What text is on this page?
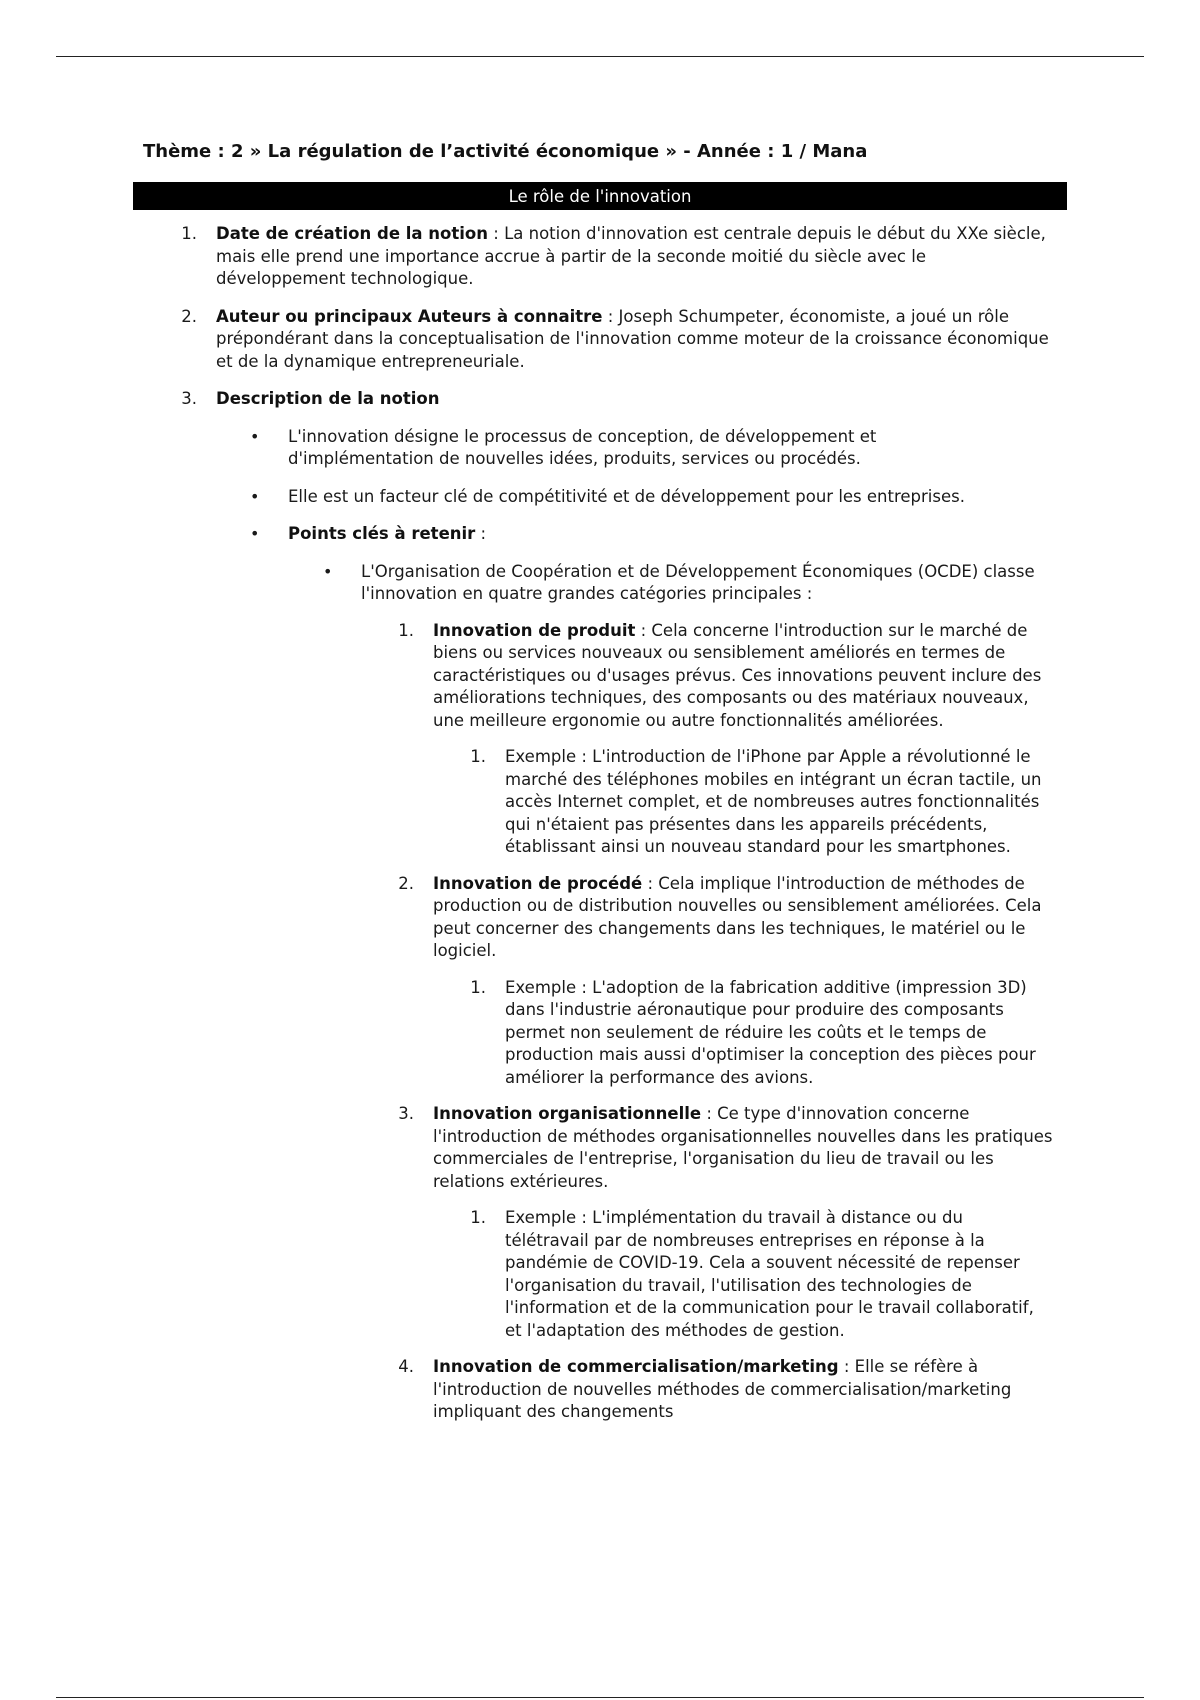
Thème : 2 » La régulation de l’activité économique » - Année : 1 / Mana
Le rôle de l'innovation
1. Date de création de la notion : La notion d'innovation est centrale depuis le début du XXe siècle, mais elle prend une importance accrue à partir de la seconde moitié du siècle avec le développement technologique.
2. Auteur ou principaux Auteurs à connaitre : Joseph Schumpeter, économiste, a joué un rôle prépondérant dans la conceptualisation de l'innovation comme moteur de la croissance économique et de la dynamique entrepreneuriale.
3. Description de la notion
• L'innovation désigne le processus de conception, de développement et d'implémentation de nouvelles idées, produits, services ou procédés.
• Elle est un facteur clé de compétitivité et de développement pour les entreprises.
• Points clés à retenir :
• L'Organisation de Coopération et de Développement Économiques (OCDE) classe l'innovation en quatre grandes catégories principales :
1. Innovation de produit : Cela concerne l'introduction sur le marché de biens ou services nouveaux ou sensiblement améliorés en termes de caractéristiques ou d'usages prévus. Ces innovations peuvent inclure des améliorations techniques, des composants ou des matériaux nouveaux, une meilleure ergonomie ou autre fonctionnalités améliorées.
1. Exemple : L'introduction de l'iPhone par Apple a révolutionné le marché des téléphones mobiles en intégrant un écran tactile, un accès Internet complet, et de nombreuses autres fonctionnalités qui n'étaient pas présentes dans les appareils précédents, établissant ainsi un nouveau standard pour les smartphones.
2. Innovation de procédé : Cela implique l'introduction de méthodes de production ou de distribution nouvelles ou sensiblement améliorées. Cela peut concerner des changements dans les techniques, le matériel ou le logiciel.
1. Exemple : L'adoption de la fabrication additive (impression 3D) dans l'industrie aéronautique pour produire des composants permet non seulement de réduire les coûts et le temps de production mais aussi d'optimiser la conception des pièces pour améliorer la performance des avions.
3. Innovation organisationnelle : Ce type d'innovation concerne l'introduction de méthodes organisationnelles nouvelles dans les pratiques commerciales de l'entreprise, l'organisation du lieu de travail ou les relations extérieures.
1. Exemple : L'implémentation du travail à distance ou du télétravail par de nombreuses entreprises en réponse à la pandémie de COVID-19. Cela a souvent nécessité de repenser l'organisation du travail, l'utilisation des technologies de l'information et de la communication pour le travail collaboratif, et l'adaptation des méthodes de gestion.
4. Innovation de commercialisation/marketing : Elle se réfère à l'introduction de nouvelles méthodes de commercialisation/marketing impliquant des changements
